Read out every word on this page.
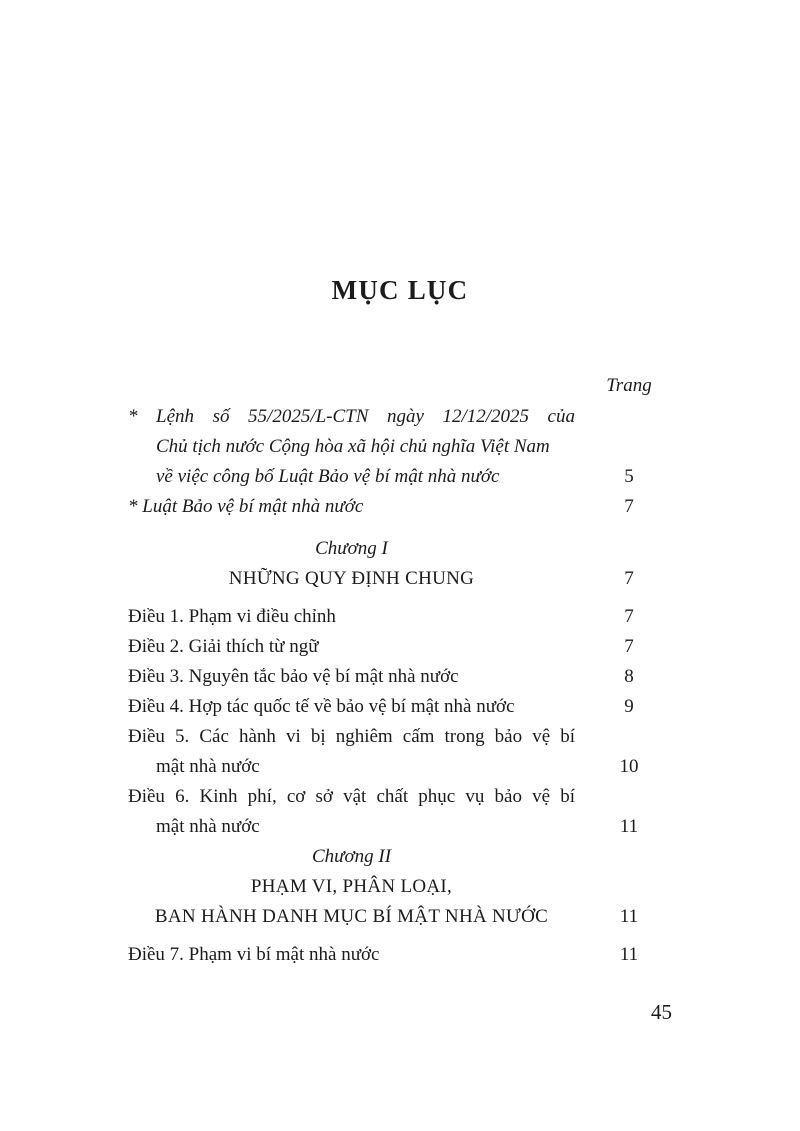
MỤC LỤC
Trang
* Lệnh số 55/2025/L-CTN ngày 12/12/2025 của
Chủ tịch nước Cộng hòa xã hội chủ nghĩa Việt Nam
về việc công bố Luật Bảo vệ bí mật nhà nước	5
* Luật Bảo vệ bí mật nhà nước	7
Chương I
NHỮNG QUY ĐỊNH CHUNG	7
Điều 1. Phạm vi điều chỉnh	7
Điều 2. Giải thích từ ngữ	7
Điều 3. Nguyên tắc bảo vệ bí mật nhà nước	8
Điều 4. Hợp tác quốc tế về bảo vệ bí mật nhà nước	9
Điều 5. Các hành vi bị nghiêm cấm trong bảo vệ bí
mật nhà nước	10
Điều 6. Kinh phí, cơ sở vật chất phục vụ bảo vệ bí
mật nhà nước	11
Chương II
PHẠM VI, PHÂN LOẠI,
BAN HÀNH DANH MỤC BÍ MẬT NHÀ NƯỚC	11
Điều 7. Phạm vi bí mật nhà nước	11
45
